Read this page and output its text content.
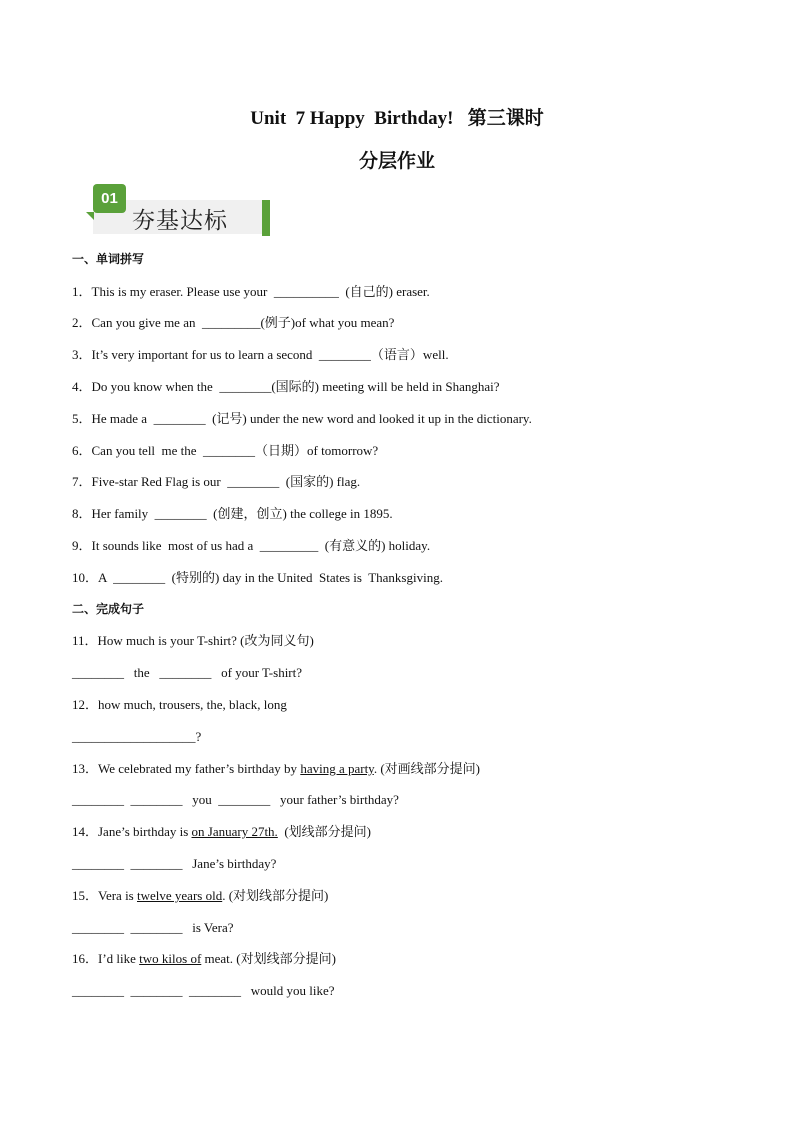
Unit  7 Happy  Birthday!   第三课时
分层作业
01
夯基达标
一、单词拼写
1．This is my eraser. Please use your  __________  (自己的) eraser.
2．Can you give me an  _________(例子)of what you mean?
3．It’s very important for us to learn a second  ________（语言）well.
4．Do you know when the  ________(国际的) meeting will be held in Shanghai?
5．He made a  ________  (记号) under the new word and looked it up in the dictionary.
6．Can you tell  me the  ________（日期）of tomorrow?
7．Five-star Red Flag is our  ________  (国家的) flag.
8．Her family  ________  (创建，创立) the college in 1895.
9．It sounds like  most of us had a  _________  (有意义的) holiday.
10．A  ________  (特别的) day in the United  States is  Thanksgiving.
二、完成句子
11．How much is your T-shirt? (改为同义句)
________   the   ________   of your T-shirt?
12．how much, trousers, the, black, long
___________________?
13．We celebrated my father’s birthday by having a party. (对画线部分提问)
________  ________   you  ________   your father’s birthday?
14．Jane’s birthday is on January 27th.  (划线部分提问)
________  ________   Jane’s birthday?
15．Vera is twelve years old. (对划线部分提问)
________  ________   is Vera?
16．I’d like two kilos of meat. (对划线部分提问)
________  ________  ________   would you like?
